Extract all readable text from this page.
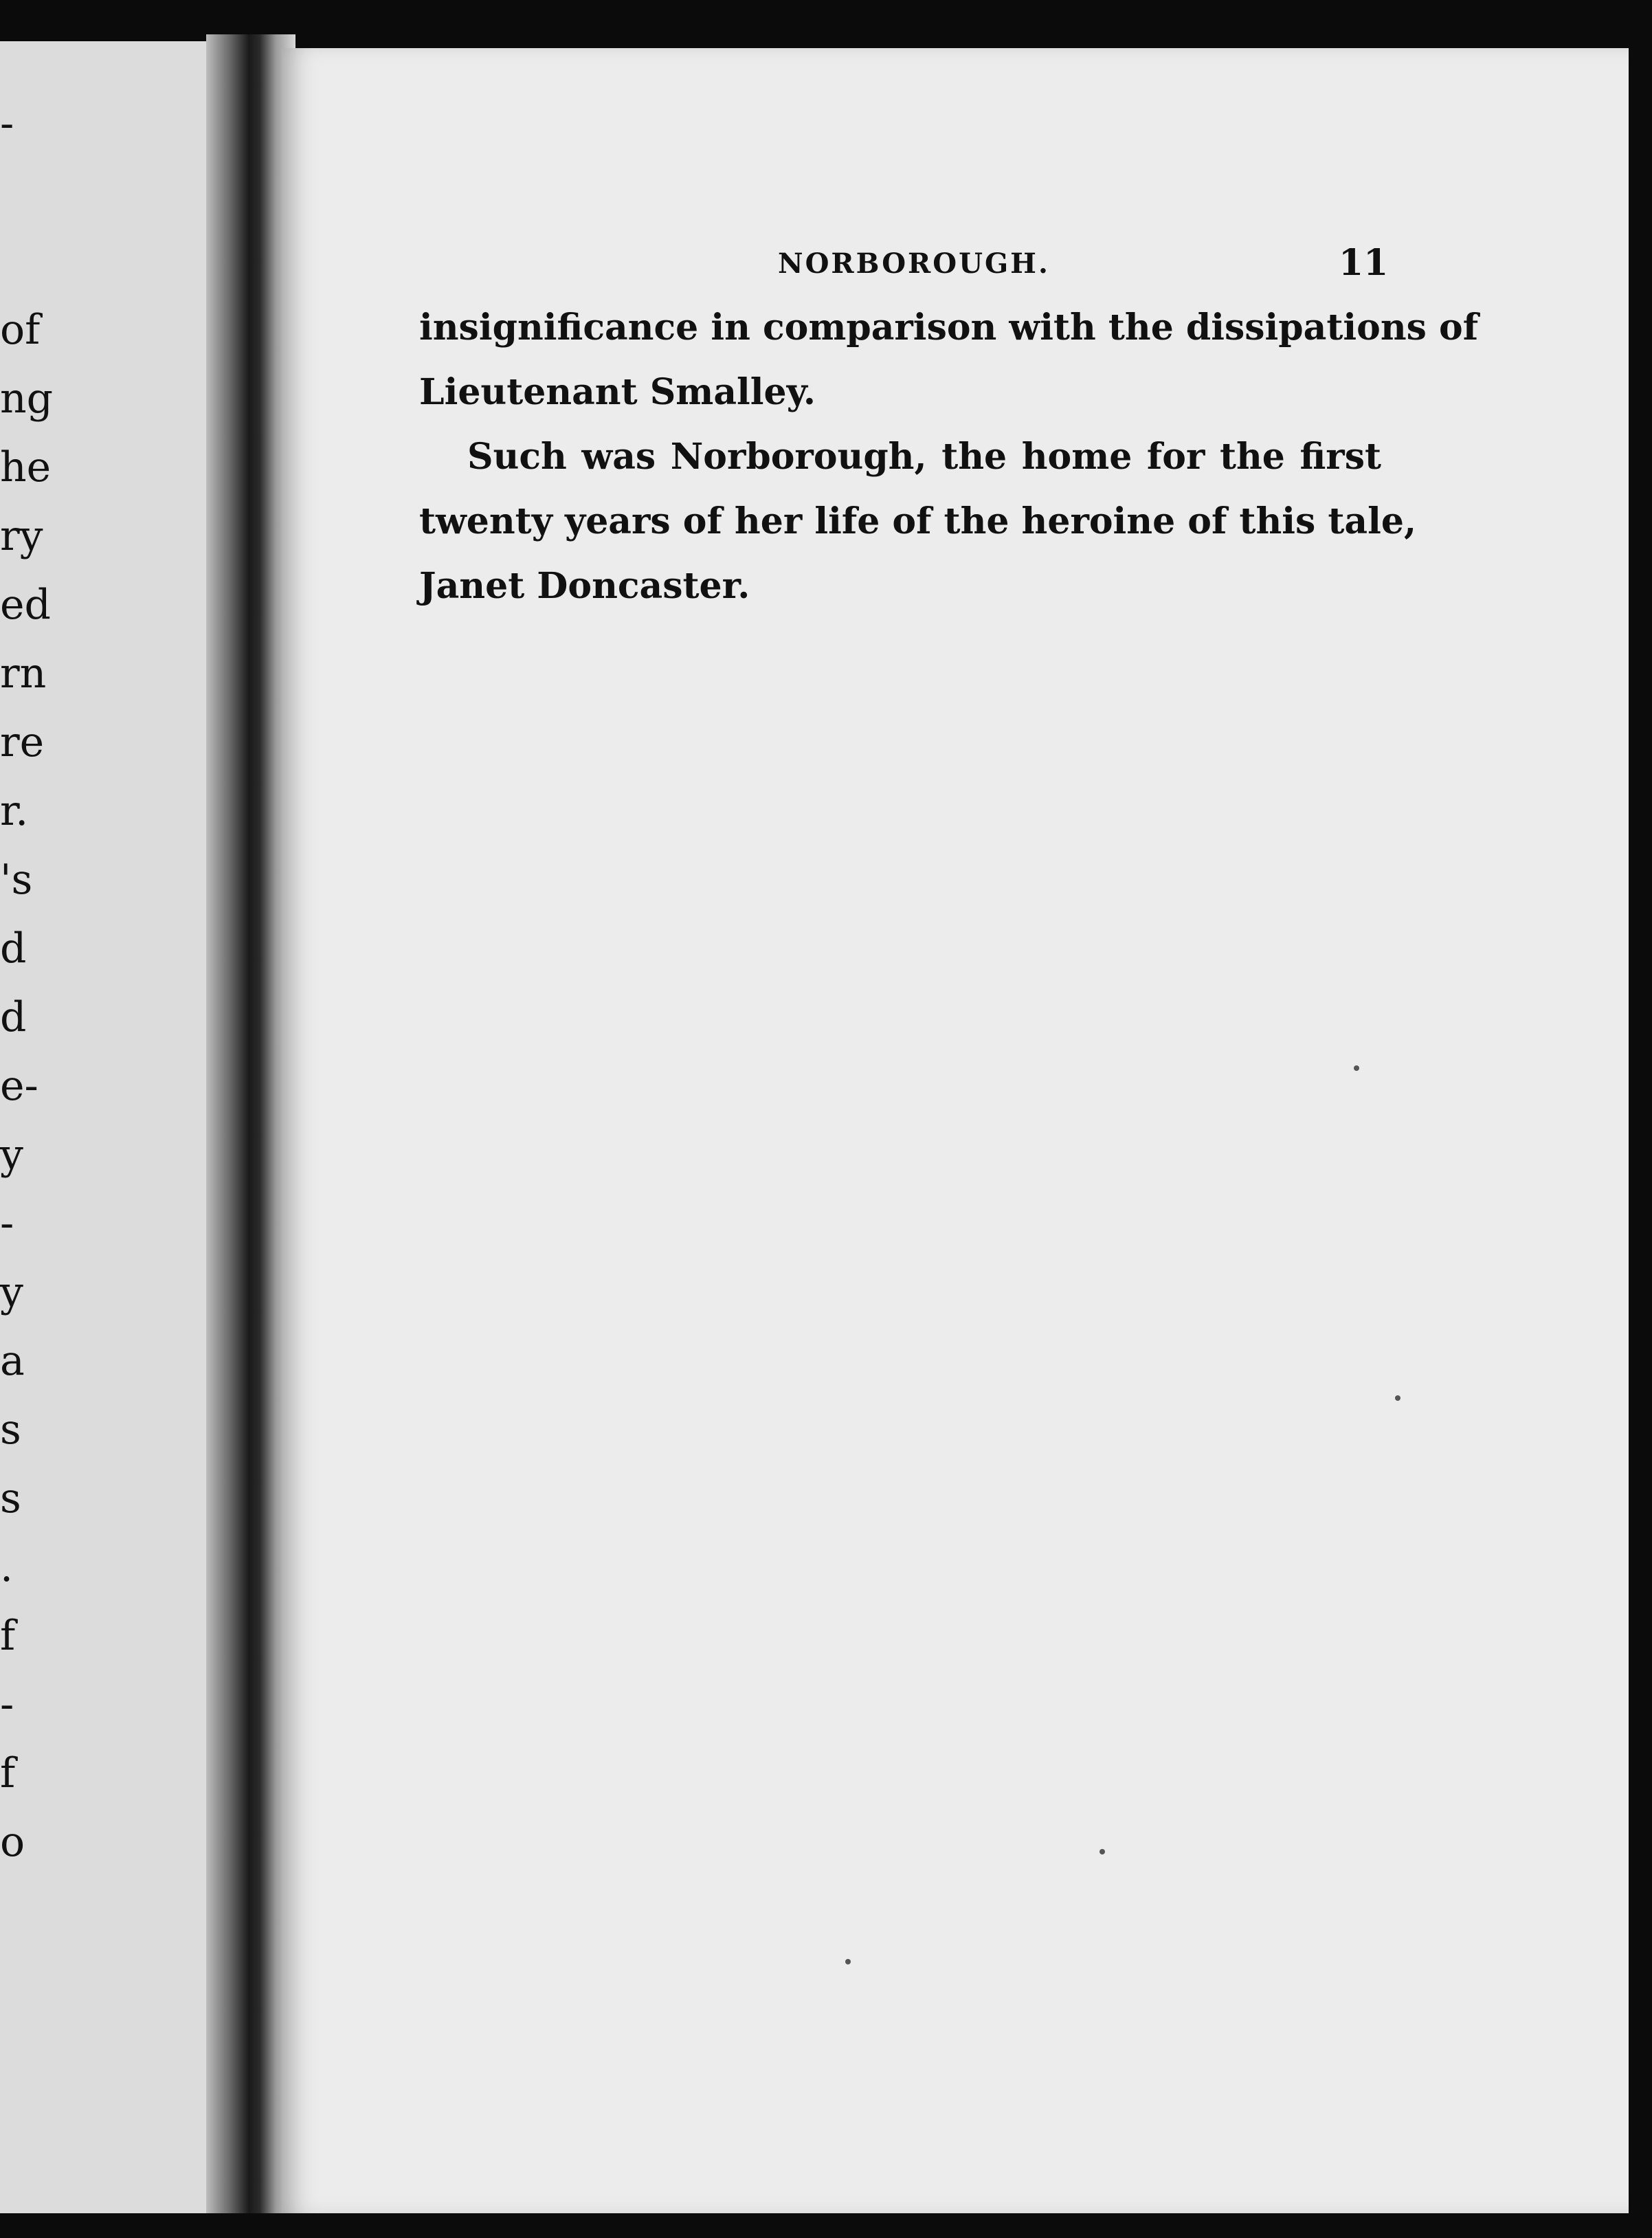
-
of
ng
he
ry
ed
rn
re
r.
's
d
d
e-
y
-
y
a
s
s
.
f
-
f
o
NORBOROUGH.	11
insignificance in comparison with the dissipations of
Lieutenant Smalley.
Such was Norborough, the home for the first
twenty years of her life of the heroine of this tale,
Janet Doncaster.
